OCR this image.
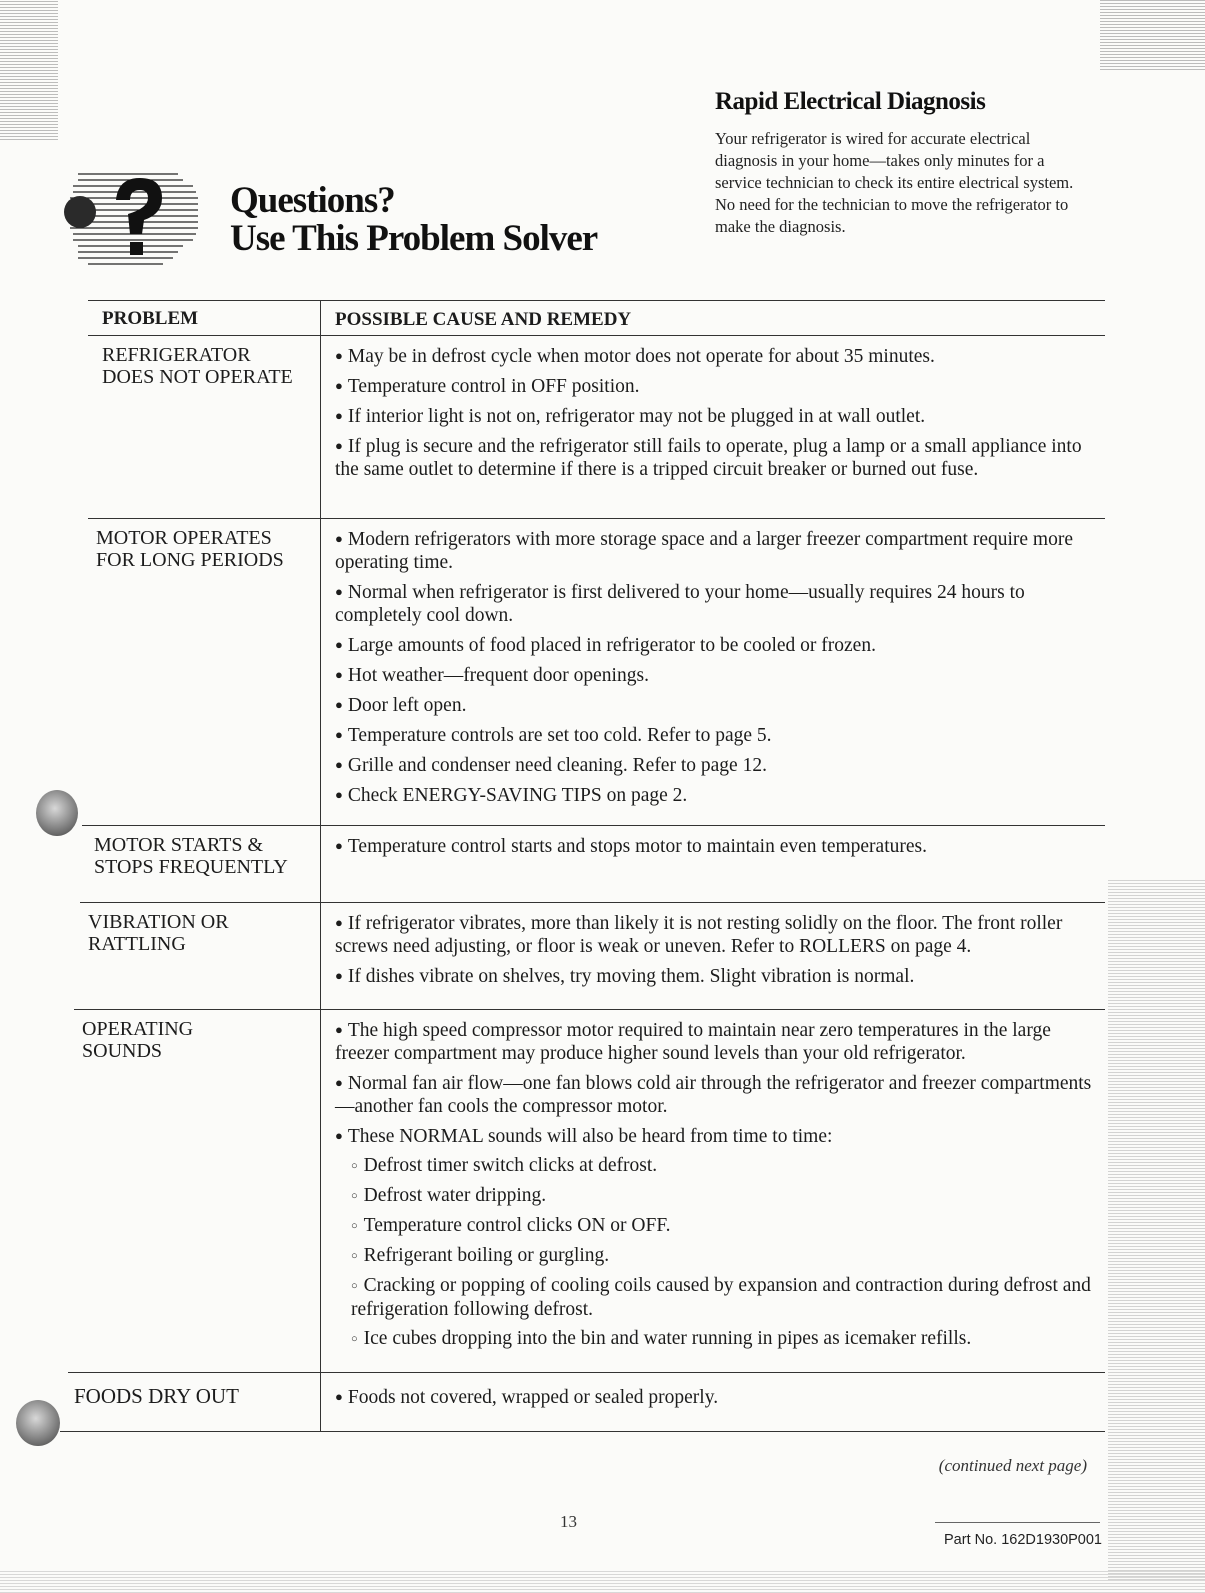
Questions?
Use This Problem Solver
Rapid Electrical Diagnosis
Your refrigerator is wired for accurate electrical diagnosis in your home—takes only minutes for a service technician to check its entire electrical system. No need for the technician to move the refrigerator to make the diagnosis.
PROBLEM	POSSIBLE CAUSE AND REMEDY
REFRIGERATOR
DOES NOT OPERATE
● May be in defrost cycle when motor does not operate for about 35 minutes.
● Temperature control in OFF position.
● If interior light is not on, refrigerator may not be plugged in at wall outlet.
● If plug is secure and the refrigerator still fails to operate, plug a lamp or a small appliance into the same outlet to determine if there is a tripped circuit breaker or burned out fuse.
MOTOR OPERATES
FOR LONG PERIODS
● Modern refrigerators with more storage space and a larger freezer compartment require more operating time.
● Normal when refrigerator is first delivered to your home—usually requires 24 hours to completely cool down.
● Large amounts of food placed in refrigerator to be cooled or frozen.
● Hot weather—frequent door openings.
● Door left open.
● Temperature controls are set too cold. Refer to page 5.
● Grille and condenser need cleaning. Refer to page 12.
● Check ENERGY-SAVING TIPS on page 2.
MOTOR STARTS &
STOPS FREQUENTLY
● Temperature control starts and stops motor to maintain even temperatures.
VIBRATION OR
RATTLING
● If refrigerator vibrates, more than likely it is not resting solidly on the floor. The front roller screws need adjusting, or floor is weak or uneven. Refer to ROLLERS on page 4.
● If dishes vibrate on shelves, try moving them. Slight vibration is normal.
OPERATING
SOUNDS
● The high speed compressor motor required to maintain near zero temperatures in the large freezer compartment may produce higher sound levels than your old refrigerator.
● Normal fan air flow—one fan blows cold air through the refrigerator and freezer compartments—another fan cools the compressor motor.
● These NORMAL sounds will also be heard from time to time:
○ Defrost timer switch clicks at defrost.
○ Defrost water dripping.
○ Temperature control clicks ON or OFF.
○ Refrigerant boiling or gurgling.
○ Cracking or popping of cooling coils caused by expansion and contraction during defrost and refrigeration following defrost.
○ Ice cubes dropping into the bin and water running in pipes as icemaker refills.
FOODS DRY OUT	● Foods not covered, wrapped or sealed properly.
(continued next page)
13
Part No. 162D1930P001
